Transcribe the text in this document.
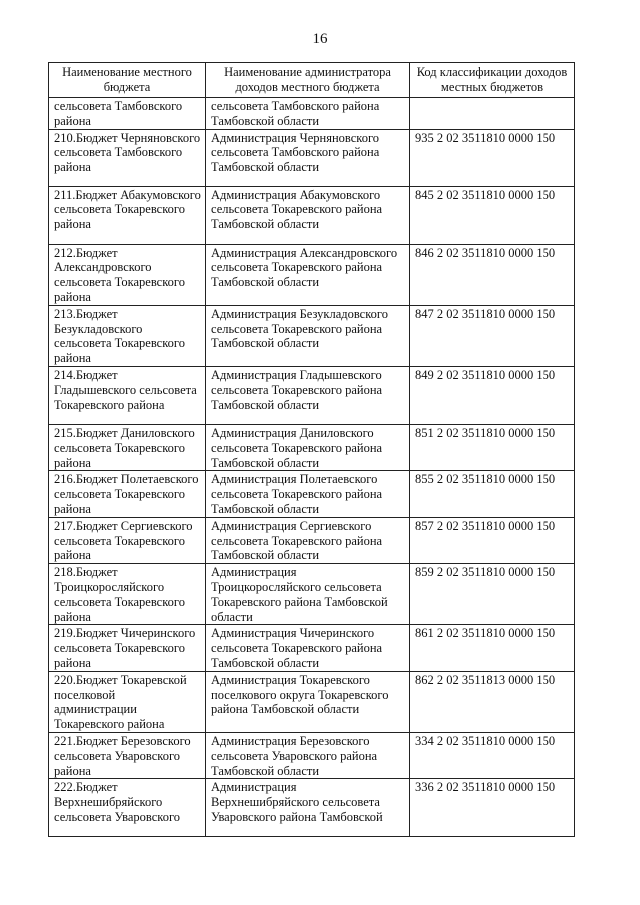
16
Наименование местного бюджета	Наименование администратора доходов местного бюджета	Код классификации доходов местных бюджетов
сельсовета Тамбовского района	сельсовета Тамбовского района Тамбовской области	
210.Бюджет Черняновского сельсовета Тамбовского района	Администрация Черняновского сельсовета Тамбовского района Тамбовской области	935 2 02 3511810 0000 150
211.Бюджет Абакумовского сельсовета Токаревского района	Администрация Абакумовского сельсовета Токаревского района Тамбовской области	845 2 02 3511810 0000 150
212.Бюджет Александровского сельсовета Токаревского района	Администрация Александровского сельсовета Токаревского района Тамбовской области	846 2 02 3511810 0000 150
213.Бюджет Безукладовского сельсовета Токаревского района	Администрация Безукладовского сельсовета Токаревского района Тамбовской области	847 2 02 3511810 0000 150
214.Бюджет Гладышевского сельсовета Токаревского района	Администрация Гладышевского сельсовета Токаревского района Тамбовской области	849 2 02 3511810 0000 150
215.Бюджет Даниловского сельсовета Токаревского района	Администрация Даниловского сельсовета Токаревского района Тамбовской области	851 2 02 3511810 0000 150
216.Бюджет Полетаевского сельсовета Токаревского района	Администрация Полетаевского сельсовета Токаревского района Тамбовской области	855 2 02 3511810 0000 150
217.Бюджет Сергиевского сельсовета Токаревского района	Администрация Сергиевского сельсовета Токаревского района Тамбовской области	857 2 02 3511810 0000 150
218.Бюджет Троицкоросляйского сельсовета Токаревского района	Администрация Троицкоросляйского сельсовета Токаревского района Тамбовской области	859 2 02 3511810 0000 150
219.Бюджет Чичеринского сельсовета Токаревского района	Администрация Чичеринского сельсовета Токаревского района Тамбовской области	861 2 02 3511810 0000 150
220.Бюджет Токаревской поселковой администрации Токаревского района	Администрация Токаревского поселкового округа Токаревского района Тамбовской области	862 2 02 3511813 0000 150
221.Бюджет Березовского сельсовета Уваровского района	Администрация Березовского сельсовета Уваровского района Тамбовской области	334 2 02 3511810 0000 150
222.Бюджет Верхнешибряйского сельсовета Уваровского	Администрация Верхнешибряйского сельсовета Уваровского района Тамбовской	336 2 02 3511810 0000 150
